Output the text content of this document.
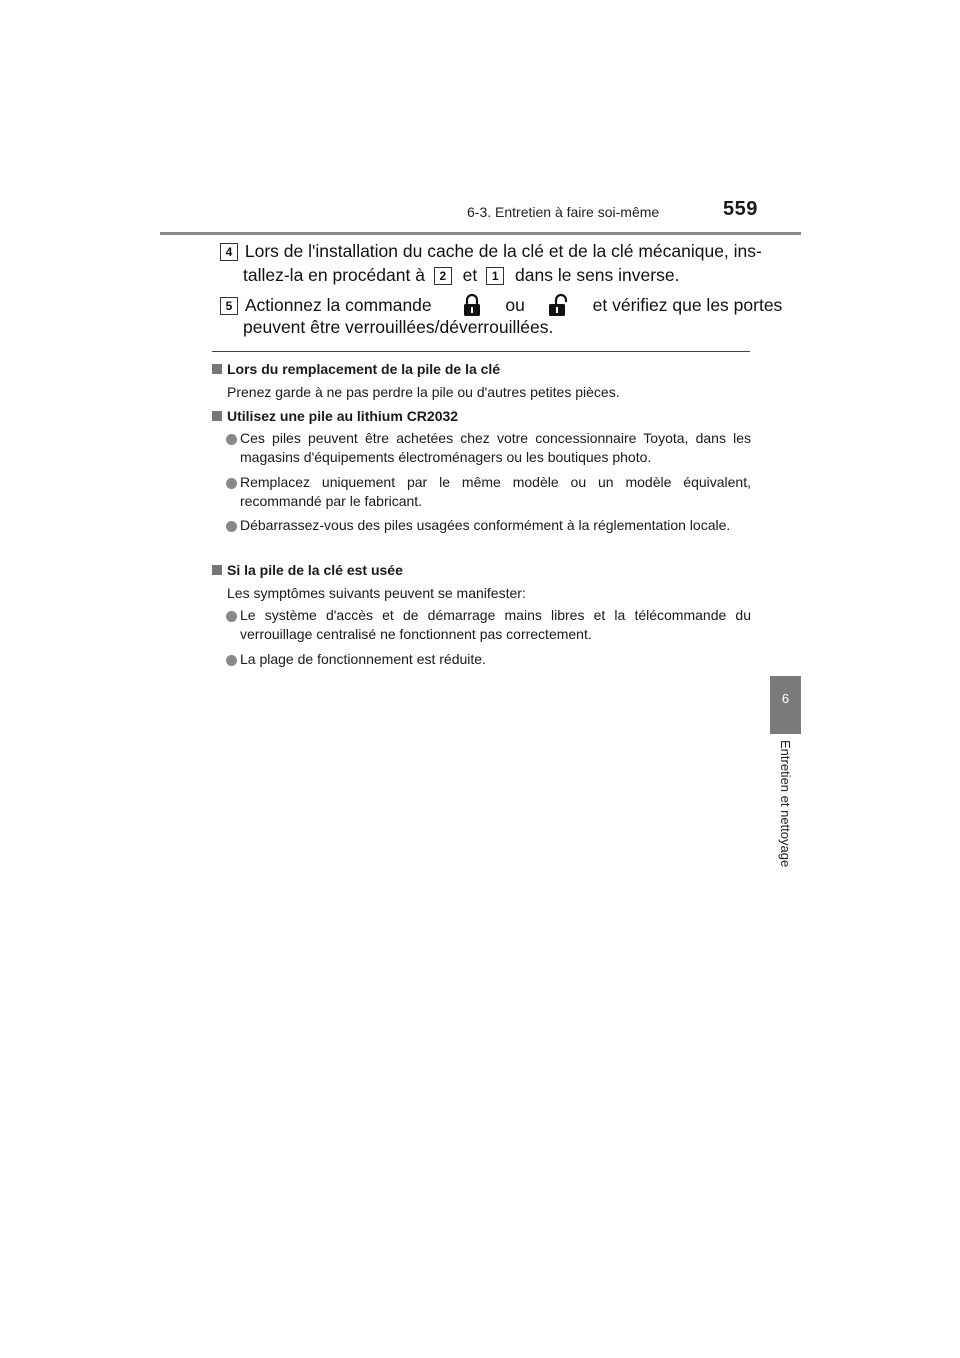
6-3. Entretien à faire soi-même	559
4 Lors de l'installation du cache de la clé et de la clé mécanique, ins-
tallez-la en procédant à 2 et 1 dans le sens inverse.
5 Actionnez la commande	ou	et vérifiez que les portes
peuvent être verrouillées/déverrouillées.
Lors du remplacement de la pile de la clé
Prenez garde à ne pas perdre la pile ou d'autres petites pièces.
Utilisez une pile au lithium CR2032
Ces piles peuvent être achetées chez votre concessionnaire Toyota, dans les magasins d'équipements électroménagers ou les boutiques photo.
Remplacez uniquement par le même modèle ou un modèle équivalent, recommandé par le fabricant.
Débarrassez-vous des piles usagées conformément à la réglementation locale.
Si la pile de la clé est usée
Les symptômes suivants peuvent se manifester:
Le système d'accès et de démarrage mains libres et la télécommande du verrouillage centralisé ne fonctionnent pas correctement.
La plage de fonctionnement est réduite.
6
Entretien et nettoyage
